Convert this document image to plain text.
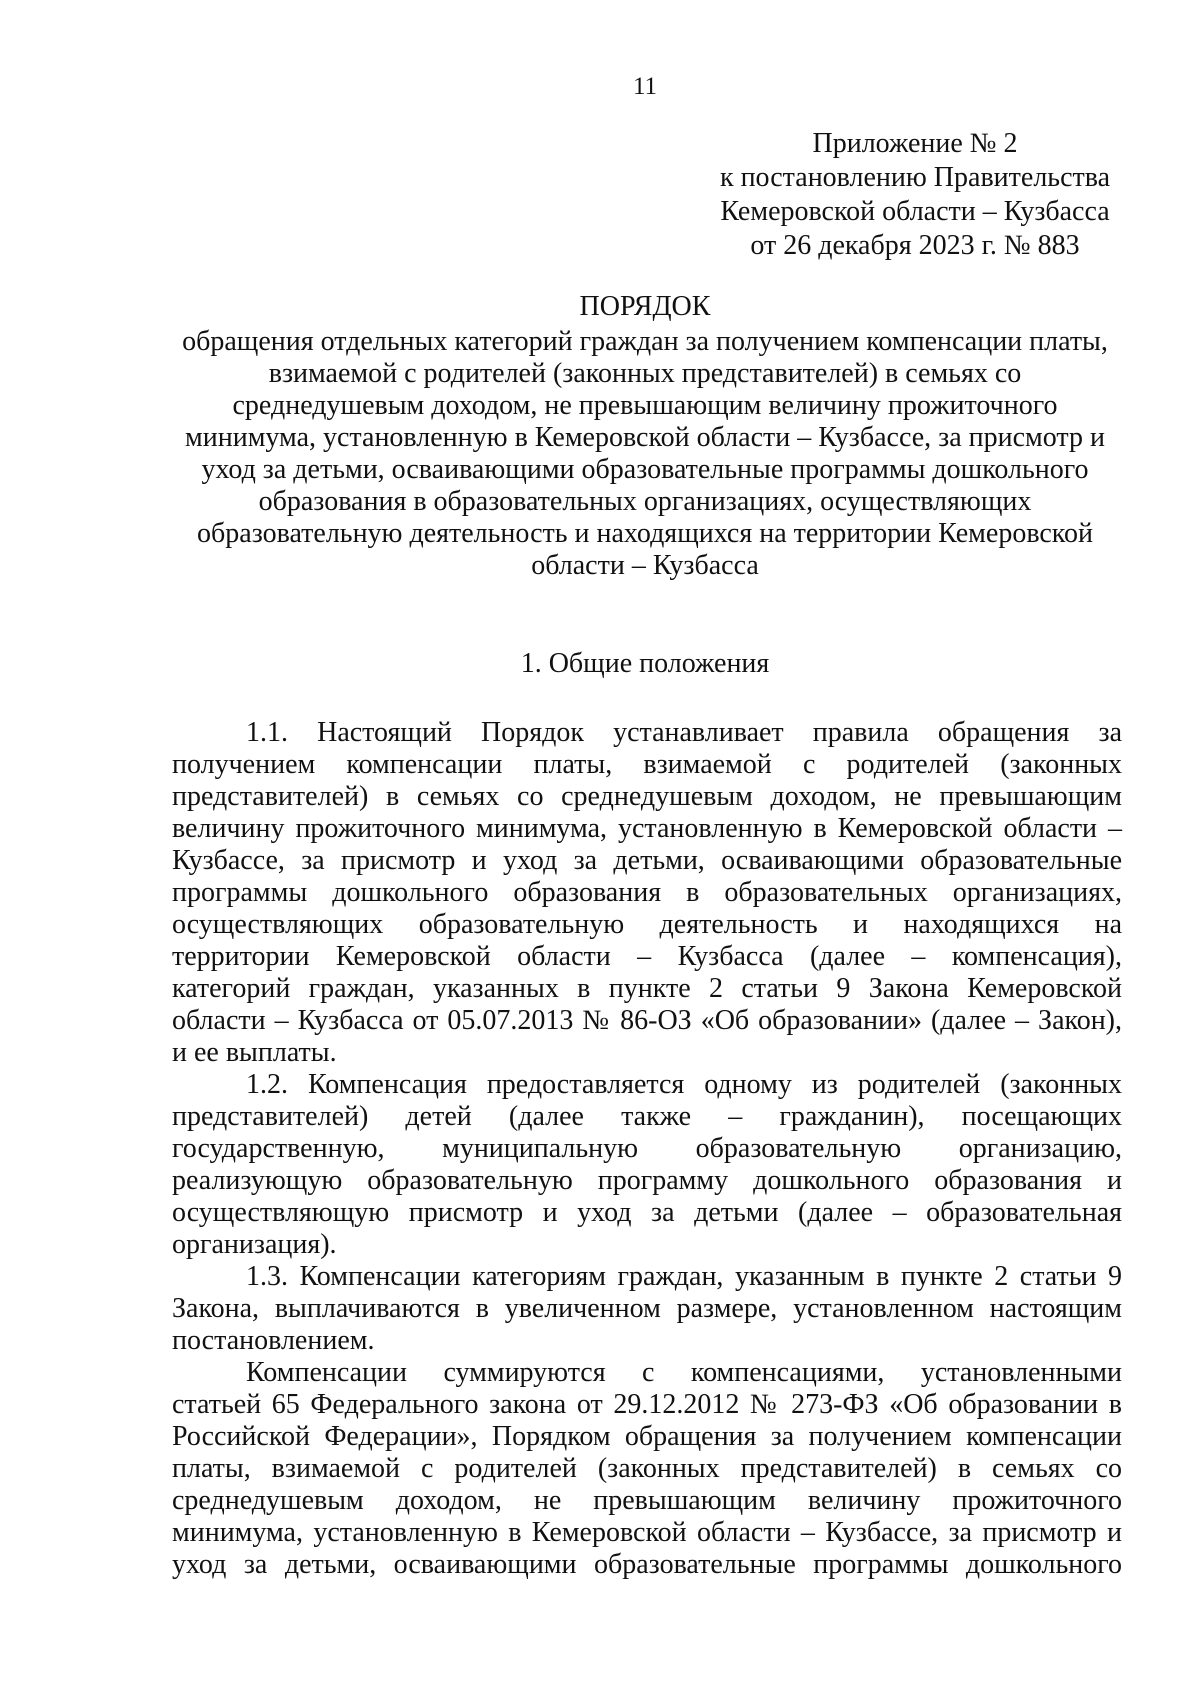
11
Приложение № 2
к постановлению Правительства
Кемеровской области – Кузбасса
от 26 декабря 2023 г. № 883
ПОРЯДОК
обращения отдельных категорий граждан за получением компенсации платы,
взимаемой с родителей (законных представителей) в семьях со
среднедушевым доходом, не превышающим величину прожиточного
минимума, установленную в Кемеровской области – Кузбассе, за присмотр и
уход за детьми, осваивающими образовательные программы дошкольного
образования в образовательных организациях, осуществляющих
образовательную деятельность и находящихся на территории Кемеровской
области – Кузбасса
1. Общие положения
1.1. Настоящий Порядок устанавливает правила обращения за
получением компенсации платы, взимаемой с родителей (законных
представителей) в семьях со среднедушевым доходом, не превышающим
величину прожиточного минимума, установленную в Кемеровской области –
Кузбассе, за присмотр и уход за детьми, осваивающими образовательные
программы дошкольного образования в образовательных организациях,
осуществляющих образовательную деятельность и находящихся на
территории Кемеровской области – Кузбасса (далее – компенсация),
категорий граждан, указанных в пункте 2 статьи 9 Закона Кемеровской
области – Кузбасса от 05.07.2013 № 86-ОЗ «Об образовании» (далее – Закон),
и ее выплаты.
1.2. Компенсация предоставляется одному из родителей (законных
представителей) детей (далее также – гражданин), посещающих
государственную, муниципальную образовательную организацию,
реализующую образовательную программу дошкольного образования и
осуществляющую присмотр и уход за детьми (далее – образовательная
организация).
1.3. Компенсации категориям граждан, указанным в пункте 2 статьи 9
Закона, выплачиваются в увеличенном размере, установленном настоящим
постановлением.
Компенсации суммируются с компенсациями, установленными
статьей 65 Федерального закона от 29.12.2012 № 273-ФЗ «Об образовании в
Российской Федерации», Порядком обращения за получением компенсации
платы, взимаемой с родителей (законных представителей) в семьях со
среднедушевым доходом, не превышающим величину прожиточного
минимума, установленную в Кемеровской области – Кузбассе, за присмотр и
уход за детьми, осваивающими образовательные программы дошкольного
